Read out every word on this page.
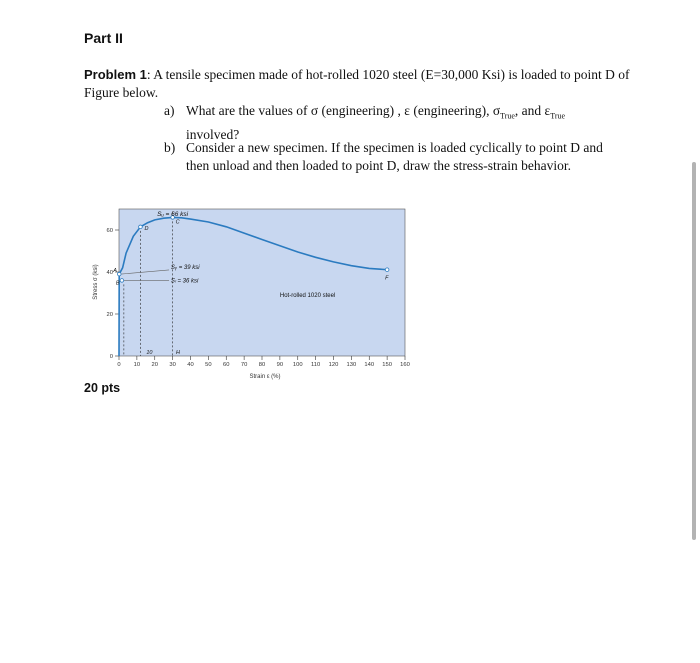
Part II
Problem 1: A tensile specimen made of hot-rolled 1020 steel (E=30,000 Ksi) is loaded to point D of Figure below.
a) What are the values of σ (engineering) , ε (engineering), $\sigma_{True}$, and $\varepsilon_{True}$ involved?
b) Consider a new specimen. If the specimen is loaded cyclically to point D and then unload and then loaded to point D, draw the stress-strain behavior.
0 10 20 30 40 50 60 70 80 90 100 110 120 130 140 150 160
0
20
40
60
A
B
D
C
F
Stress σ (ksi)
Strain ε (%)
Sᵤ = 66 ksi
Sᵧ = 39 ksi
Sₗ = 36 ksi
Hot-rolled 1020 steel
10	H
20 pts
